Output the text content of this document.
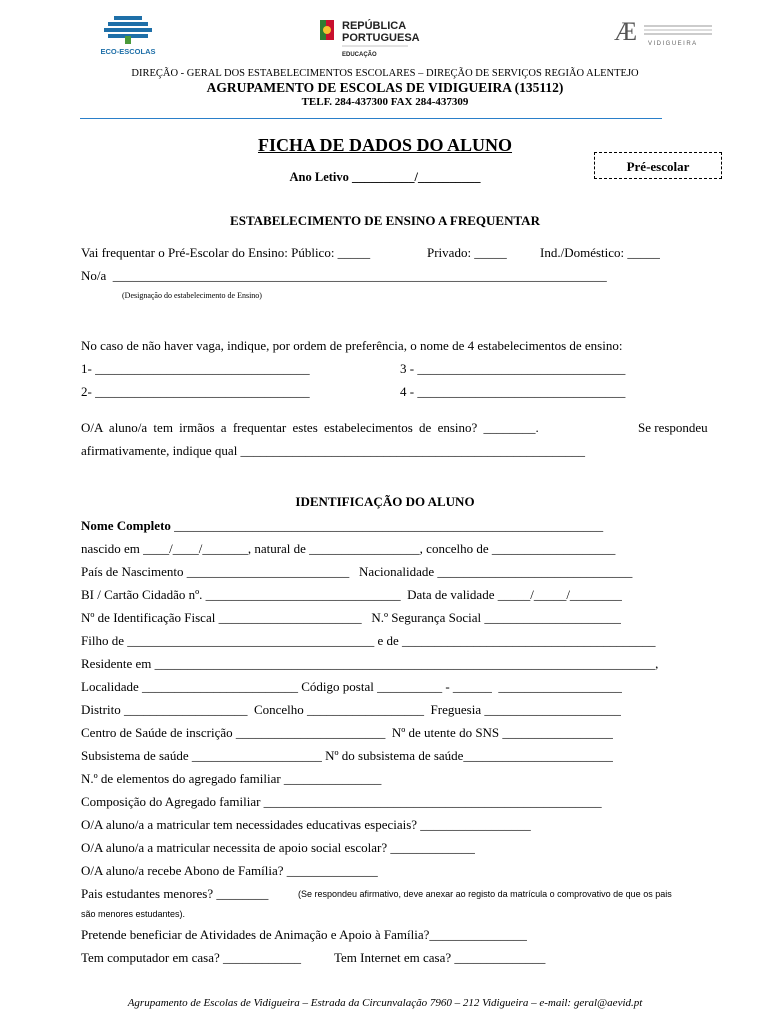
ECO-ESCOLAS
REPÚBLICA
PORTUGUESA
EDUCAÇÃO
Æ VIDIGUEIRA
DIREÇÃO - GERAL DOS ESTABELECIMENTOS ESCOLARES – DIREÇÃO DE SERVIÇOS REGIÃO ALENTEJO
AGRUPAMENTO DE ESCOLAS DE VIDIGUEIRA (135112)
TELF. 284-437300 FAX 284-437309
FICHA DE DADOS DO ALUNO
Ano Letivo __________/__________
Pré-escolar
ESTABELECIMENTO DE ENSINO A FREQUENTAR
Vai frequentar o Pré-Escolar do Ensino: Público: _____	Privado: _____	Ind./Doméstico: _____
No/a  ____________________________________________________________________________
(Designação do estabelecimento de Ensino)
No caso de não haver vaga, indique, por ordem de preferência, o nome de 4 estabelecimentos de ensino:
1- _________________________________	3 - ________________________________
2- _________________________________	4 - ________________________________
O/A aluno/a tem irmãos a frequentar estes estabelecimentos de ensino? ________.	Se respondeu
afirmativamente, indique qual _____________________________________________________
IDENTIFICAÇÃO DO ALUNO
Nome Completo __________________________________________________________________
nascido em ____/____/_______, natural de _________________, concelho de ___________________
País de Nascimento _________________________   Nacionalidade ______________________________
BI / Cartão Cidadão nº. ______________________________  Data de validade _____/_____/________
Nº de Identificação Fiscal ______________________   N.º Segurança Social _____________________
Filho de ______________________________________ e de _______________________________________
Residente em _____________________________________________________________________________,
Localidade ________________________ Código postal __________ - ______  ___________________
Distrito ___________________  Concelho __________________  Freguesia _____________________
Centro de Saúde de inscrição _______________________  Nº de utente do SNS _________________
Subsistema de saúde ____________________ Nº do subsistema de saúde_______________________
N.º de elementos do agregado familiar _______________
Composição do Agregado familiar ____________________________________________________
O/A aluno/a a matricular tem necessidades educativas especiais? _________________
O/A aluno/a a matricular necessita de apoio social escolar? _____________
O/A aluno/a recebe Abono de Família? ______________
Pais estudantes menores? ________	(Se respondeu afirmativo, deve anexar ao registo da matrícula o comprovativo de que os pais
são menores estudantes).
Pretende beneficiar de Atividades de Animação e Apoio à Família?_______________
Tem computador em casa? ____________	Tem Internet em casa? ______________
Agrupamento de Escolas de Vidigueira – Estrada da Circunvalação 7960 – 212 Vidigueira – e-mail: geral@aevid.pt
